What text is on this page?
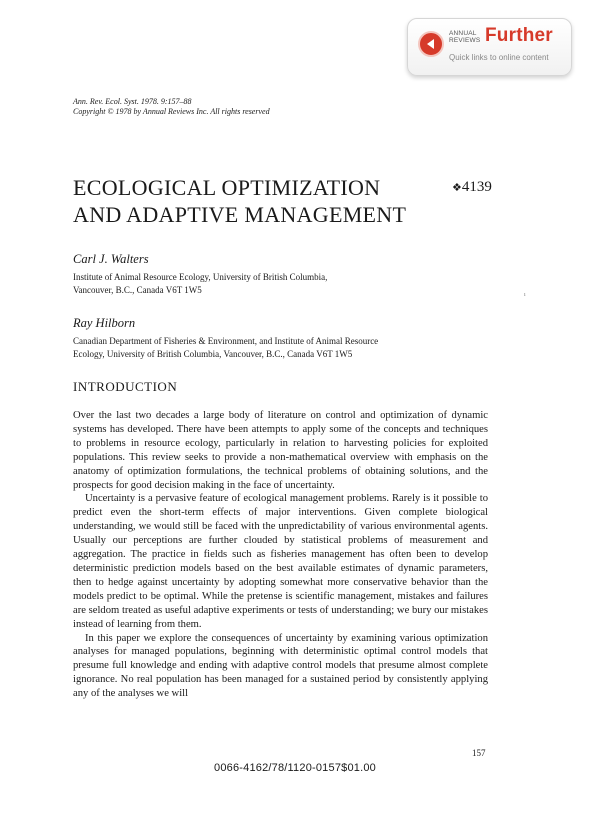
ANNUAL
REVIEWS Further
Quick links to online content
Ann. Rev. Ecol. Syst. 1978. 9:157–88
Copyright © 1978 by Annual Reviews Inc. All rights reserved
ECOLOGICAL OPTIMIZATION
AND ADAPTIVE MANAGEMENT
❖4139
Carl J. Walters
Institute of Animal Resource Ecology, University of British Columbia,
Vancouver, B.C., Canada V6T 1W5	ı
Ray Hilborn
Canadian Department of Fisheries & Environment, and Institute of Animal Resource
Ecology, University of British Columbia, Vancouver, B.C., Canada V6T 1W5
INTRODUCTION

Over the last two decades a large body of literature on control and optimization of dynamic systems has developed. There have been attempts to apply some of the concepts and techniques to problems in resource ecology, particularly in relation to harvesting policies for exploited populations. This review seeks to provide a non-mathematical overview with emphasis on the anatomy of optimization formulations, the technical problems of obtaining solutions, and the prospects for good decision making in the face of uncertainty.

Uncertainty is a pervasive feature of ecological management problems. Rarely is it possible to predict even the short-term effects of major interventions. Given complete biological understanding, we would still be faced with the unpredictability of various environmental agents. Usually our perceptions are further clouded by statistical problems of measurement and aggregation. The practice in fields such as fisheries management has often been to develop deterministic prediction models based on the best available estimates of dynamic parameters, then to hedge against uncertainty by adopting somewhat more conservative behavior than the models predict to be optimal. While the pretense is scientific management, mistakes and failures are seldom treated as useful adaptive experiments or tests of understanding; we bury our mistakes instead of learning from them.

In this paper we explore the consequences of uncertainty by examining various optimization analyses for managed populations, beginning with deterministic optimal control models that presume full knowledge and ending with adaptive control models that presume almost complete ignorance. No real population has been managed for a sustained period by consistently applying any of the analyses we will

157
0066-4162/78/1120-0157$01.00
